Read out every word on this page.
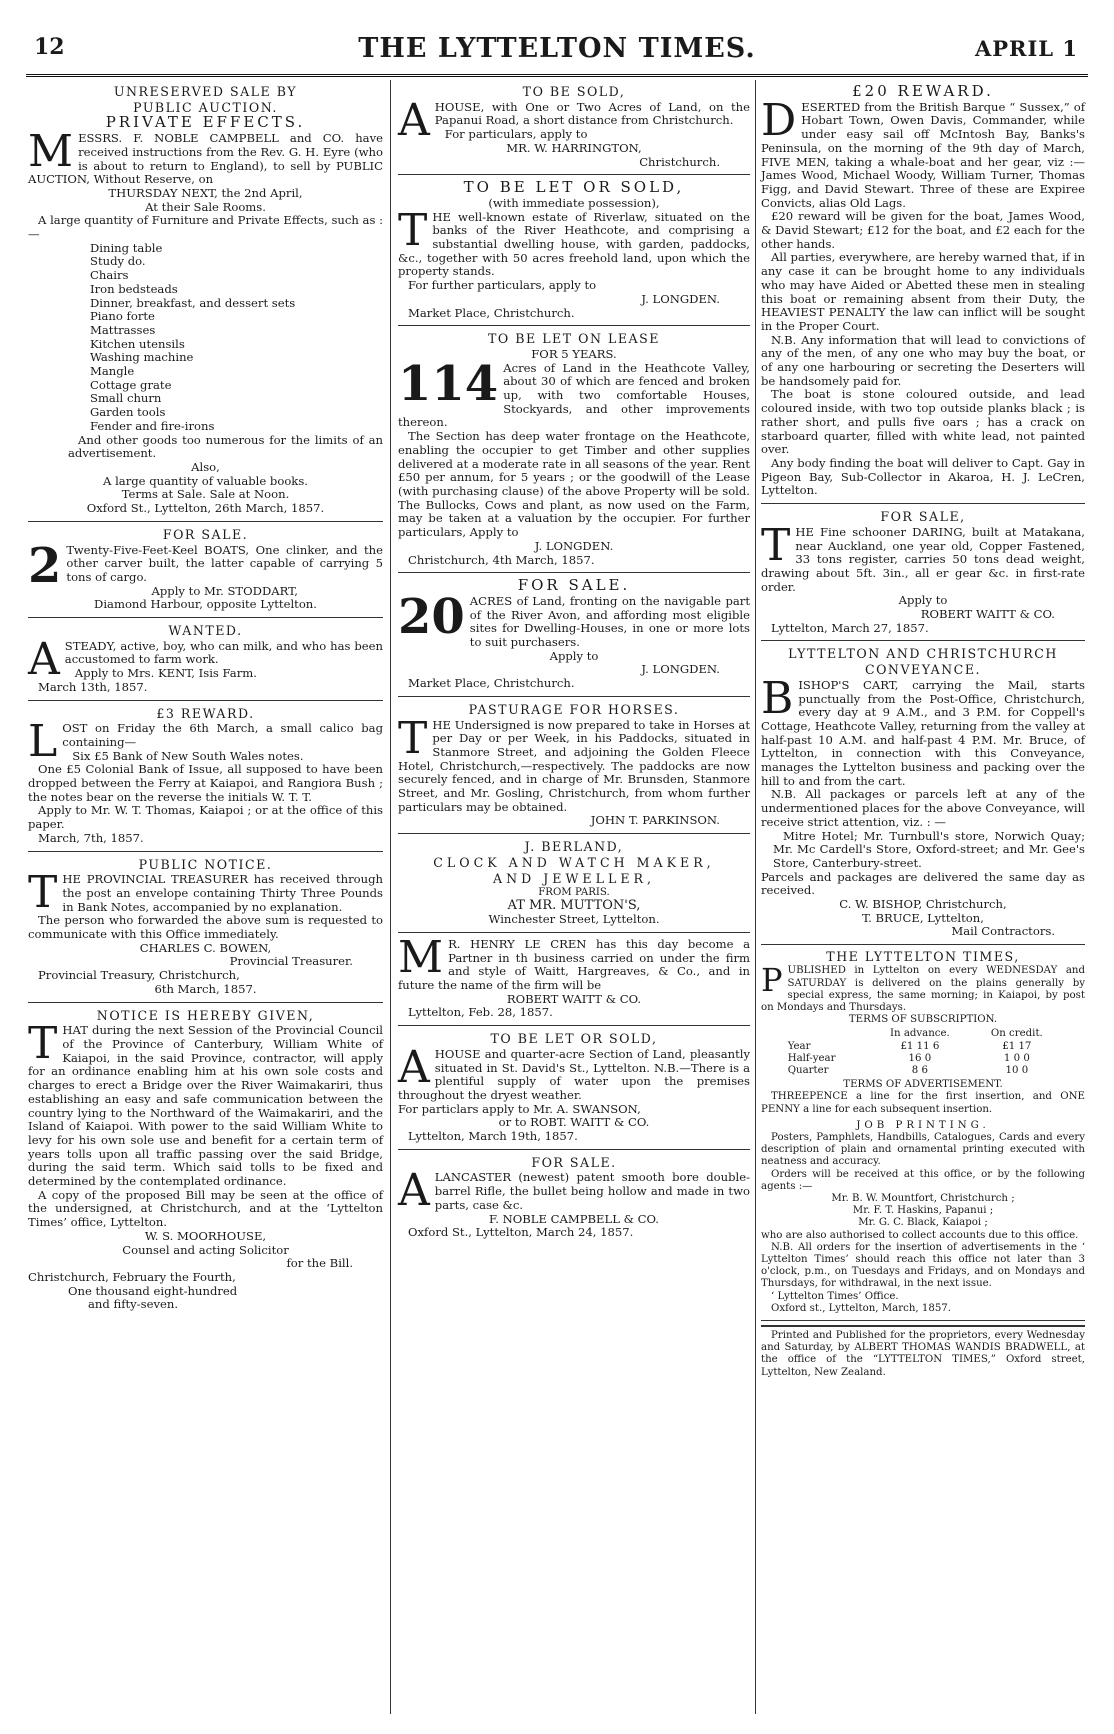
12	THE LYTTELTON TIMES.	APRIL 1
UNRESERVED SALE BY
PUBLIC AUCTION.
PRIVATE EFFECTS.
M ESSRS. F. NOBLE CAMPBELL and CO. have received instructions from the Rev. G. H. Eyre (who is about to return to England), to sell by PUBLIC AUCTION, Without Reserve, on

THURSDAY NEXT, the 2nd April,
At their Sale Rooms.

A large quantity of Furniture and Private Effects, such as :—

Dining table
Study do.
Chairs
Iron bedsteads
Dinner, breakfast, and dessert sets
Piano forte
Mattrasses
Kitchen utensils
Washing machine
Mangle
Cottage grate
Small churn
Garden tools
Fender and fire-irons

And other goods too numerous for the limits of an advertisement.

Also,
A large quantity of valuable books.
Terms at Sale. Sale at Noon.
Oxford St., Lyttelton, 26th March, 1857.
FOR SALE.
2 Twenty-Five-Feet-Keel BOATS, One clinker, and the other carver built, the latter capable of carrying 5 tons of cargo.

Apply to Mr. STODDART,
Diamond Harbour, opposite Lyttelton.
WANTED.
A STEADY, active, boy, who can milk, and who has been accustomed to farm work.

Apply to Mrs. KENT, Isis Farm.

March 13th, 1857.

£3 REWARD.
L OST on Friday the 6th March, a small calico bag containing—

Six £5 Bank of New South Wales notes.

One £5 Colonial Bank of Issue, all supposed to have been dropped between the Ferry at Kaiapoi, and Rangiora Bush ; the notes bear on the reverse the initials W. T. T.

Apply to Mr. W. T. Thomas, Kaiapoi ; or at the office of this paper.

March, 7th, 1857.

PUBLIC NOTICE.
T HE PROVINCIAL TREASURER has received through the post an envelope containing Thirty Three Pounds in Bank Notes, accompanied by no explanation.

The person who forwarded the above sum is requested to communicate with this Office immediately.

CHARLES C. BOWEN,
Provincial Treasurer.

Provincial Treasury, Christchurch,

6th March, 1857.
NOTICE IS HEREBY GIVEN,
T HAT during the next Session of the Provincial Council of the Province of Canterbury, William White of Kaiapoi, in the said Province, contractor, will apply for an ordinance enabling him at his own sole costs and charges to erect a Bridge over the River Waimakariri, thus establishing an easy and safe communication between the country lying to the Northward of the Waimakariri, and the Island of Kaiapoi. With power to the said William White to levy for his own sole use and benefit for a certain term of years tolls upon all traffic passing over the said Bridge, during the said term. Which said tolls to be fixed and determined by the contemplated ordinance.

A copy of the proposed Bill may be seen at the office of the undersigned, at Christchurch, and at the ‘Lyttelton Times’ office, Lyttelton.

W. S. MOORHOUSE,
Counsel and acting Solicitor
for the Bill.

Christchurch, February the Fourth,

One thousand eight-hundred

and fifty-seven.

TO BE SOLD,
A HOUSE, with One or Two Acres of Land, on the Papanui Road, a short distance from Christchurch.

For particulars, apply to

MR. W. HARRINGTON,
Christchurch.
TO BE LET OR SOLD,
(with immediate possession),
T HE well-known estate of Riverlaw, situated on the banks of the River Heathcote, and comprising a substantial dwelling house, with garden, paddocks, &c., together with 50 acres freehold land, upon which the property stands.

For further particulars, apply to

J. LONGDEN.

Market Place, Christchurch.

TO BE LET ON LEASE
FOR 5 YEARS.
114 Acres of Land in the Heathcote Valley, about 30 of which are fenced and broken up, with two comfortable Houses, Stockyards, and other improvements thereon.

The Section has deep water frontage on the Heathcote, enabling the occupier to get Timber and other supplies delivered at a moderate rate in all seasons of the year. Rent £50 per annum, for 5 years ; or the goodwill of the Lease (with purchasing clause) of the above Property will be sold. The Bullocks, Cows and plant, as now used on the Farm, may be taken at a valuation by the occupier. For further particulars, Apply to

J. LONGDEN.

Christchurch, 4th March, 1857.

FOR SALE.
20 ACRES of Land, fronting on the navigable part of the River Avon, and affording most eligible sites for Dwelling-Houses, in one or more lots to suit purchasers.

Apply to
J. LONGDEN.

Market Place, Christchurch.

PASTURAGE FOR HORSES.
T HE Undersigned is now prepared to take in Horses at per Day or per Week, in his Paddocks, situated in Stanmore Street, and adjoining the Golden Fleece Hotel, Christchurch,—respectively. The paddocks are now securely fenced, and in charge of Mr. Brunsden, Stanmore Street, and Mr. Gosling, Christchurch, from whom further particulars may be obtained.

JOHN T. PARKINSON.
J. BERLAND,
CLOCK AND WATCH MAKER,
AND JEWELLER,
FROM PARIS.
AT MR. MUTTON'S,
Winchester Street, Lyttelton.
M R. HENRY LE CREN has this day become a Partner in th business carried on under the firm and style of Waitt, Hargreaves, & Co., and in future the name of the firm will be

ROBERT WAITT & CO.

Lyttelton, Feb. 28, 1857.

TO BE LET OR SOLD,
A HOUSE and quarter-acre Section of Land, pleasantly situated in St. David's St., Lyttelton. N.B.—There is a plentiful supply of water upon the premises throughout the dryest weather.

For particlars apply to Mr. A. SWANSON,

or to ROBT. WAITT & CO.

Lyttelton, March 19th, 1857.

FOR SALE.
A LANCASTER (newest) patent smooth bore double-barrel Rifle, the bullet being hollow and made in two parts, case &c.

F. NOBLE CAMPBELL & CO.

Oxford St., Lyttelton, March 24, 1857.

£20 REWARD.
D ESERTED from the British Barque “ Sussex,” of Hobart Town, Owen Davis, Commander, while under easy sail off McIntosh Bay, Banks's Peninsula, on the morning of the 9th day of March, FIVE MEN, taking a whale-boat and her gear, viz :—James Wood, Michael Woody, William Turner, Thomas Figg, and David Stewart. Three of these are Expiree Convicts, alias Old Lags.

£20 reward will be given for the boat, James Wood, & David Stewart; £12 for the boat, and £2 each for the other hands.

All parties, everywhere, are hereby warned that, if in any case it can be brought home to any individuals who may have Aided or Abetted these men in stealing this boat or remaining absent from their Duty, the HEAVIEST PENALTY the law can inflict will be sought in the Proper Court.

N.B. Any information that will lead to convictions of any of the men, of any one who may buy the boat, or of any one harbouring or secreting the Deserters will be handsomely paid for.

The boat is stone coloured outside, and lead coloured inside, with two top outside planks black ; is rather short, and pulls five oars ; has a crack on starboard quarter, filled with white lead, not painted over.

Any body finding the boat will deliver to Capt. Gay in Pigeon Bay, Sub-Collector in Akaroa, H. J. LeCren, Lyttelton.

FOR SALE,
T HE Fine schooner DARING, built at Matakana, near Auckland, one year old, Copper Fastened, 33 tons register, carries 50 tons dead weight, drawing about 5ft. 3in., all er gear &c. in first-rate order.

Apply to
ROBERT WAITT & CO.

Lyttelton, March 27, 1857.

LYTTELTON AND CHRISTCHURCH
CONVEYANCE.
B ISHOP'S CART, carrying the Mail, starts punctually from the Post-Office, Christchurch, every day at 9 A.M., and 3 P.M. for Coppell's Cottage, Heathcote Valley, returning from the valley at half-past 10 A.M. and half-past 4 P.M. Mr. Bruce, of Lyttelton, in connection with this Conveyance, manages the Lyttelton business and packing over the hill to and from the cart.

N.B. All packages or parcels left at any of the undermentioned places for the above Conveyance, will receive strict attention, viz. : —

Mitre Hotel; Mr. Turnbull's store, Norwich Quay; Mr. Mc Cardell's Store, Oxford-street; and Mr. Gee's Store, Canterbury-street.

Parcels and packages are delivered the same day as received.

C. W. BISHOP, Christchurch,
T. BRUCE, Lyttelton,
Mail Contractors.
THE LYTTELTON TIMES,
P UBLISHED in Lyttelton on every WEDNESDAY and SATURDAY is delivered on the plains generally by special express, the same morning; in Kaiapoi, by post on Mondays and Thursdays.

TERMS OF SUBSCRIPTION.
	In advance.	On credit.
Year	£1 11 6	£1 17
Half-year	16 0	1 0 0
Quarter	8 6	10 0
TERMS OF ADVERTISEMENT.

THREEPENCE a line for the first insertion, and ONE PENNY a line for each subsequent insertion.

JOB PRINTING.

Posters, Pamphlets, Handbills, Catalogues, Cards and every description of plain and ornamental printing executed with neatness and accuracy.

Orders will be received at this office, or by the following agents :—

Mr. B. W. Mountfort, Christchurch ;
Mr. F. T. Haskins, Papanui ;
Mr. G. C. Black, Kaiapoi ;

who are also authorised to collect accounts due to this office.

N.B. All orders for the insertion of advertisements in the ‘ Lyttelton Times’ should reach this office not later than 3 o'clock, p.m., on Tuesdays and Fridays, and on Mondays and Thursdays, for withdrawal, in the next issue.

‘ Lyttelton Times’ Office.

Oxford st., Lyttelton, March, 1857.

Printed and Published for the proprietors, every Wednesday and Saturday, by ALBERT THOMAS WANDIS BRADWELL, at the office of the “LYTTELTON TIMES,” Oxford street, Lyttelton, New Zealand.
